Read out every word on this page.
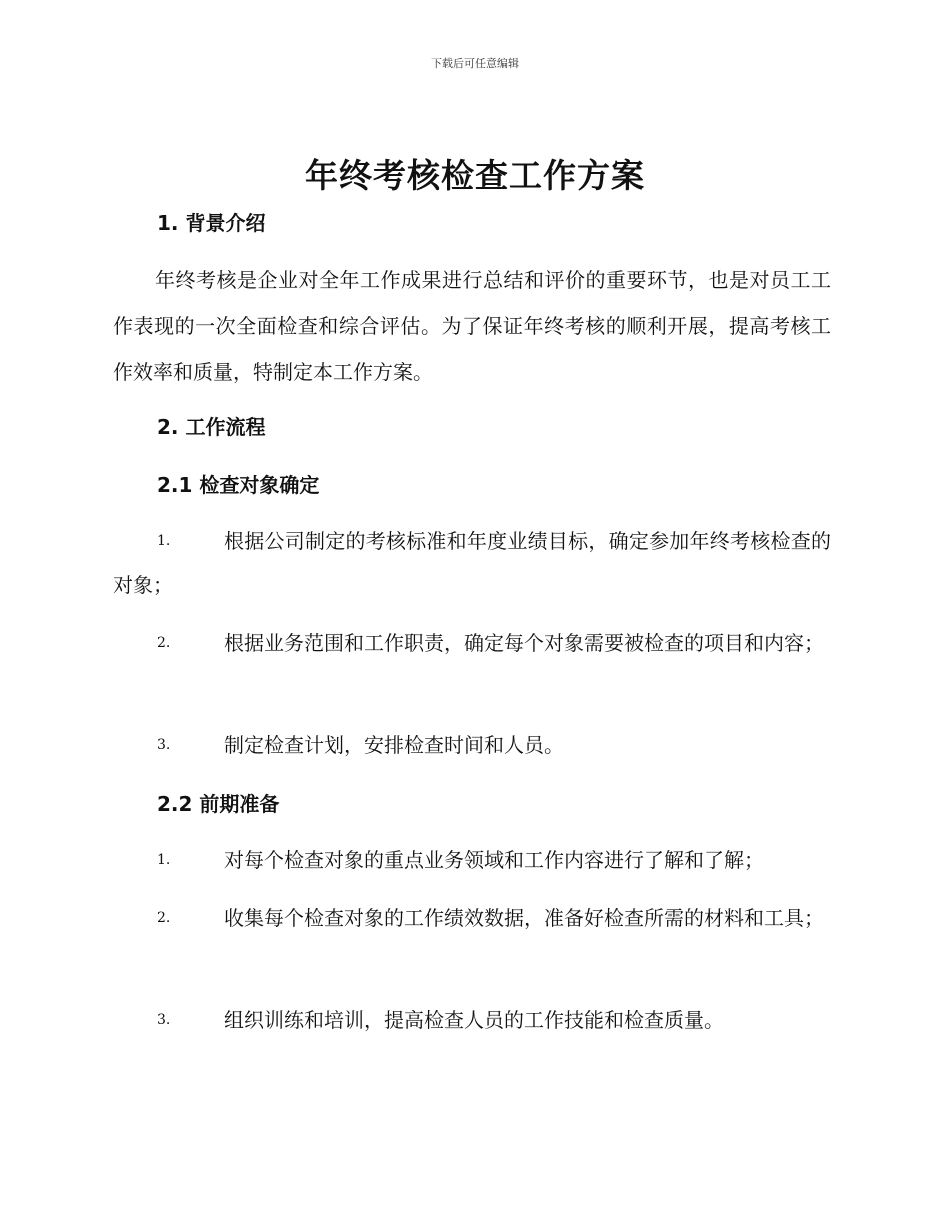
下载后可任意编辑
年终考核检查工作方案
1. 背景介绍
年终考核是企业对全年工作成果进行总结和评价的重要环节，也是对员工工作表现的一次全面检查和综合评估。为了保证年终考核的顺利开展，提高考核工作效率和质量，特制定本工作方案。
2. 工作流程
2.1 检查对象确定
1.	根据公司制定的考核标准和年度业绩目标，确定参加年终考核检查的对象；
2.	根据业务范围和工作职责，确定每个对象需要被检查的项目和内容；
3.	制定检查计划，安排检查时间和人员。
2.2 前期准备
1.	对每个检查对象的重点业务领域和工作内容进行了解和了解；
2.	收集每个检查对象的工作绩效数据，准备好检查所需的材料和工具；
3.	组织训练和培训，提高检查人员的工作技能和检查质量。
